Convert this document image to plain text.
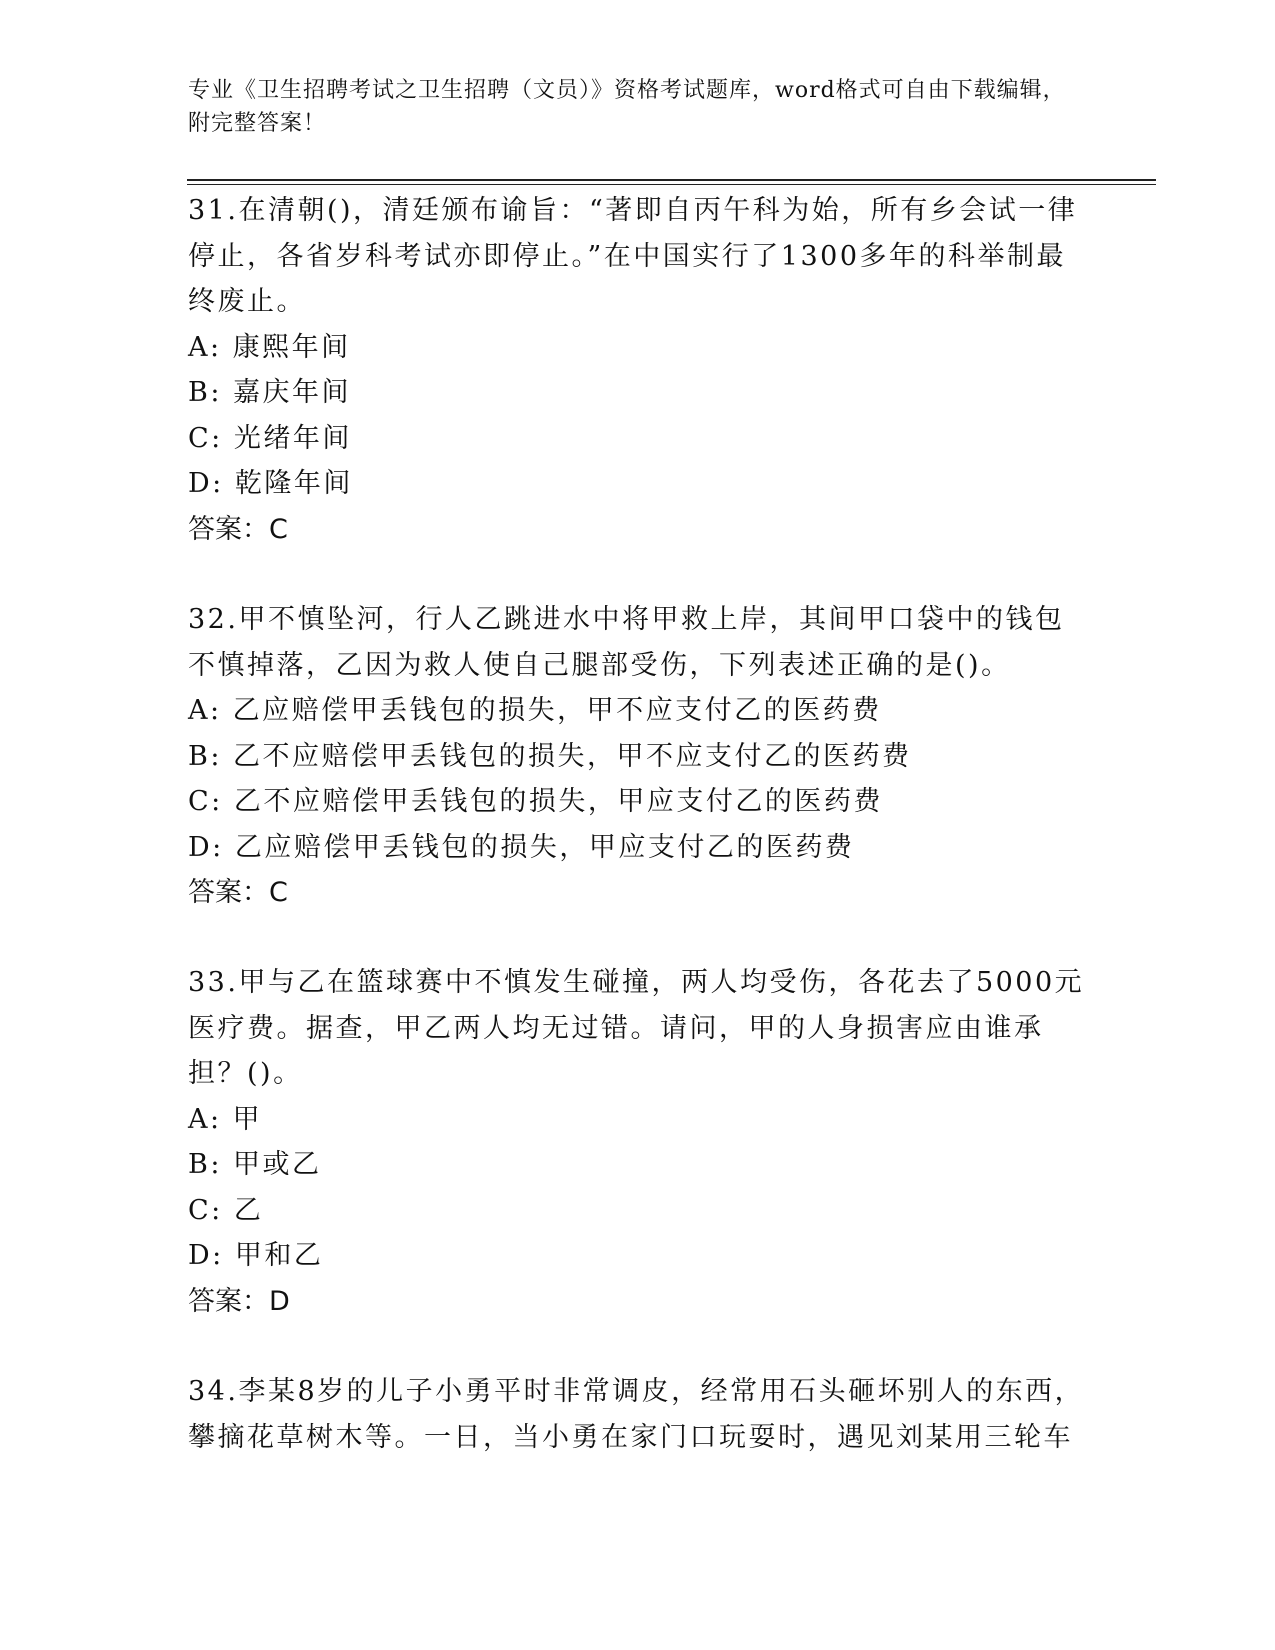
专业《卫生招聘考试之卫生招聘（文员）》资格考试题库，word格式可自由下载编辑，附完整答案！

31.在清朝()，清廷颁布谕旨：“著即自丙午科为始，所有乡会试一律停止，各省岁科考试亦即停止。”在中国实行了1300多年的科举制最终废止。

A: 康熙年间

B: 嘉庆年间

C: 光绪年间

D: 乾隆年间

答案：C

32.甲不慎坠河，行人乙跳进水中将甲救上岸，其间甲口袋中的钱包不慎掉落，乙因为救人使自己腿部受伤，下列表述正确的是()。

A: 乙应赔偿甲丢钱包的损失，甲不应支付乙的医药费

B: 乙不应赔偿甲丢钱包的损失，甲不应支付乙的医药费

C: 乙不应赔偿甲丢钱包的损失，甲应支付乙的医药费

D: 乙应赔偿甲丢钱包的损失，甲应支付乙的医药费

答案：C

33.甲与乙在篮球赛中不慎发生碰撞，两人均受伤，各花去了5000元医疗费。据查，甲乙两人均无过错。请问，甲的人身损害应由谁承担？()。

A: 甲

B: 甲或乙

C: 乙

D: 甲和乙

答案：D

34.李某8岁的儿子小勇平时非常调皮，经常用石头砸坏别人的东西，攀摘花草树木等。一日，当小勇在家门口玩耍时，遇见刘某用三轮车
